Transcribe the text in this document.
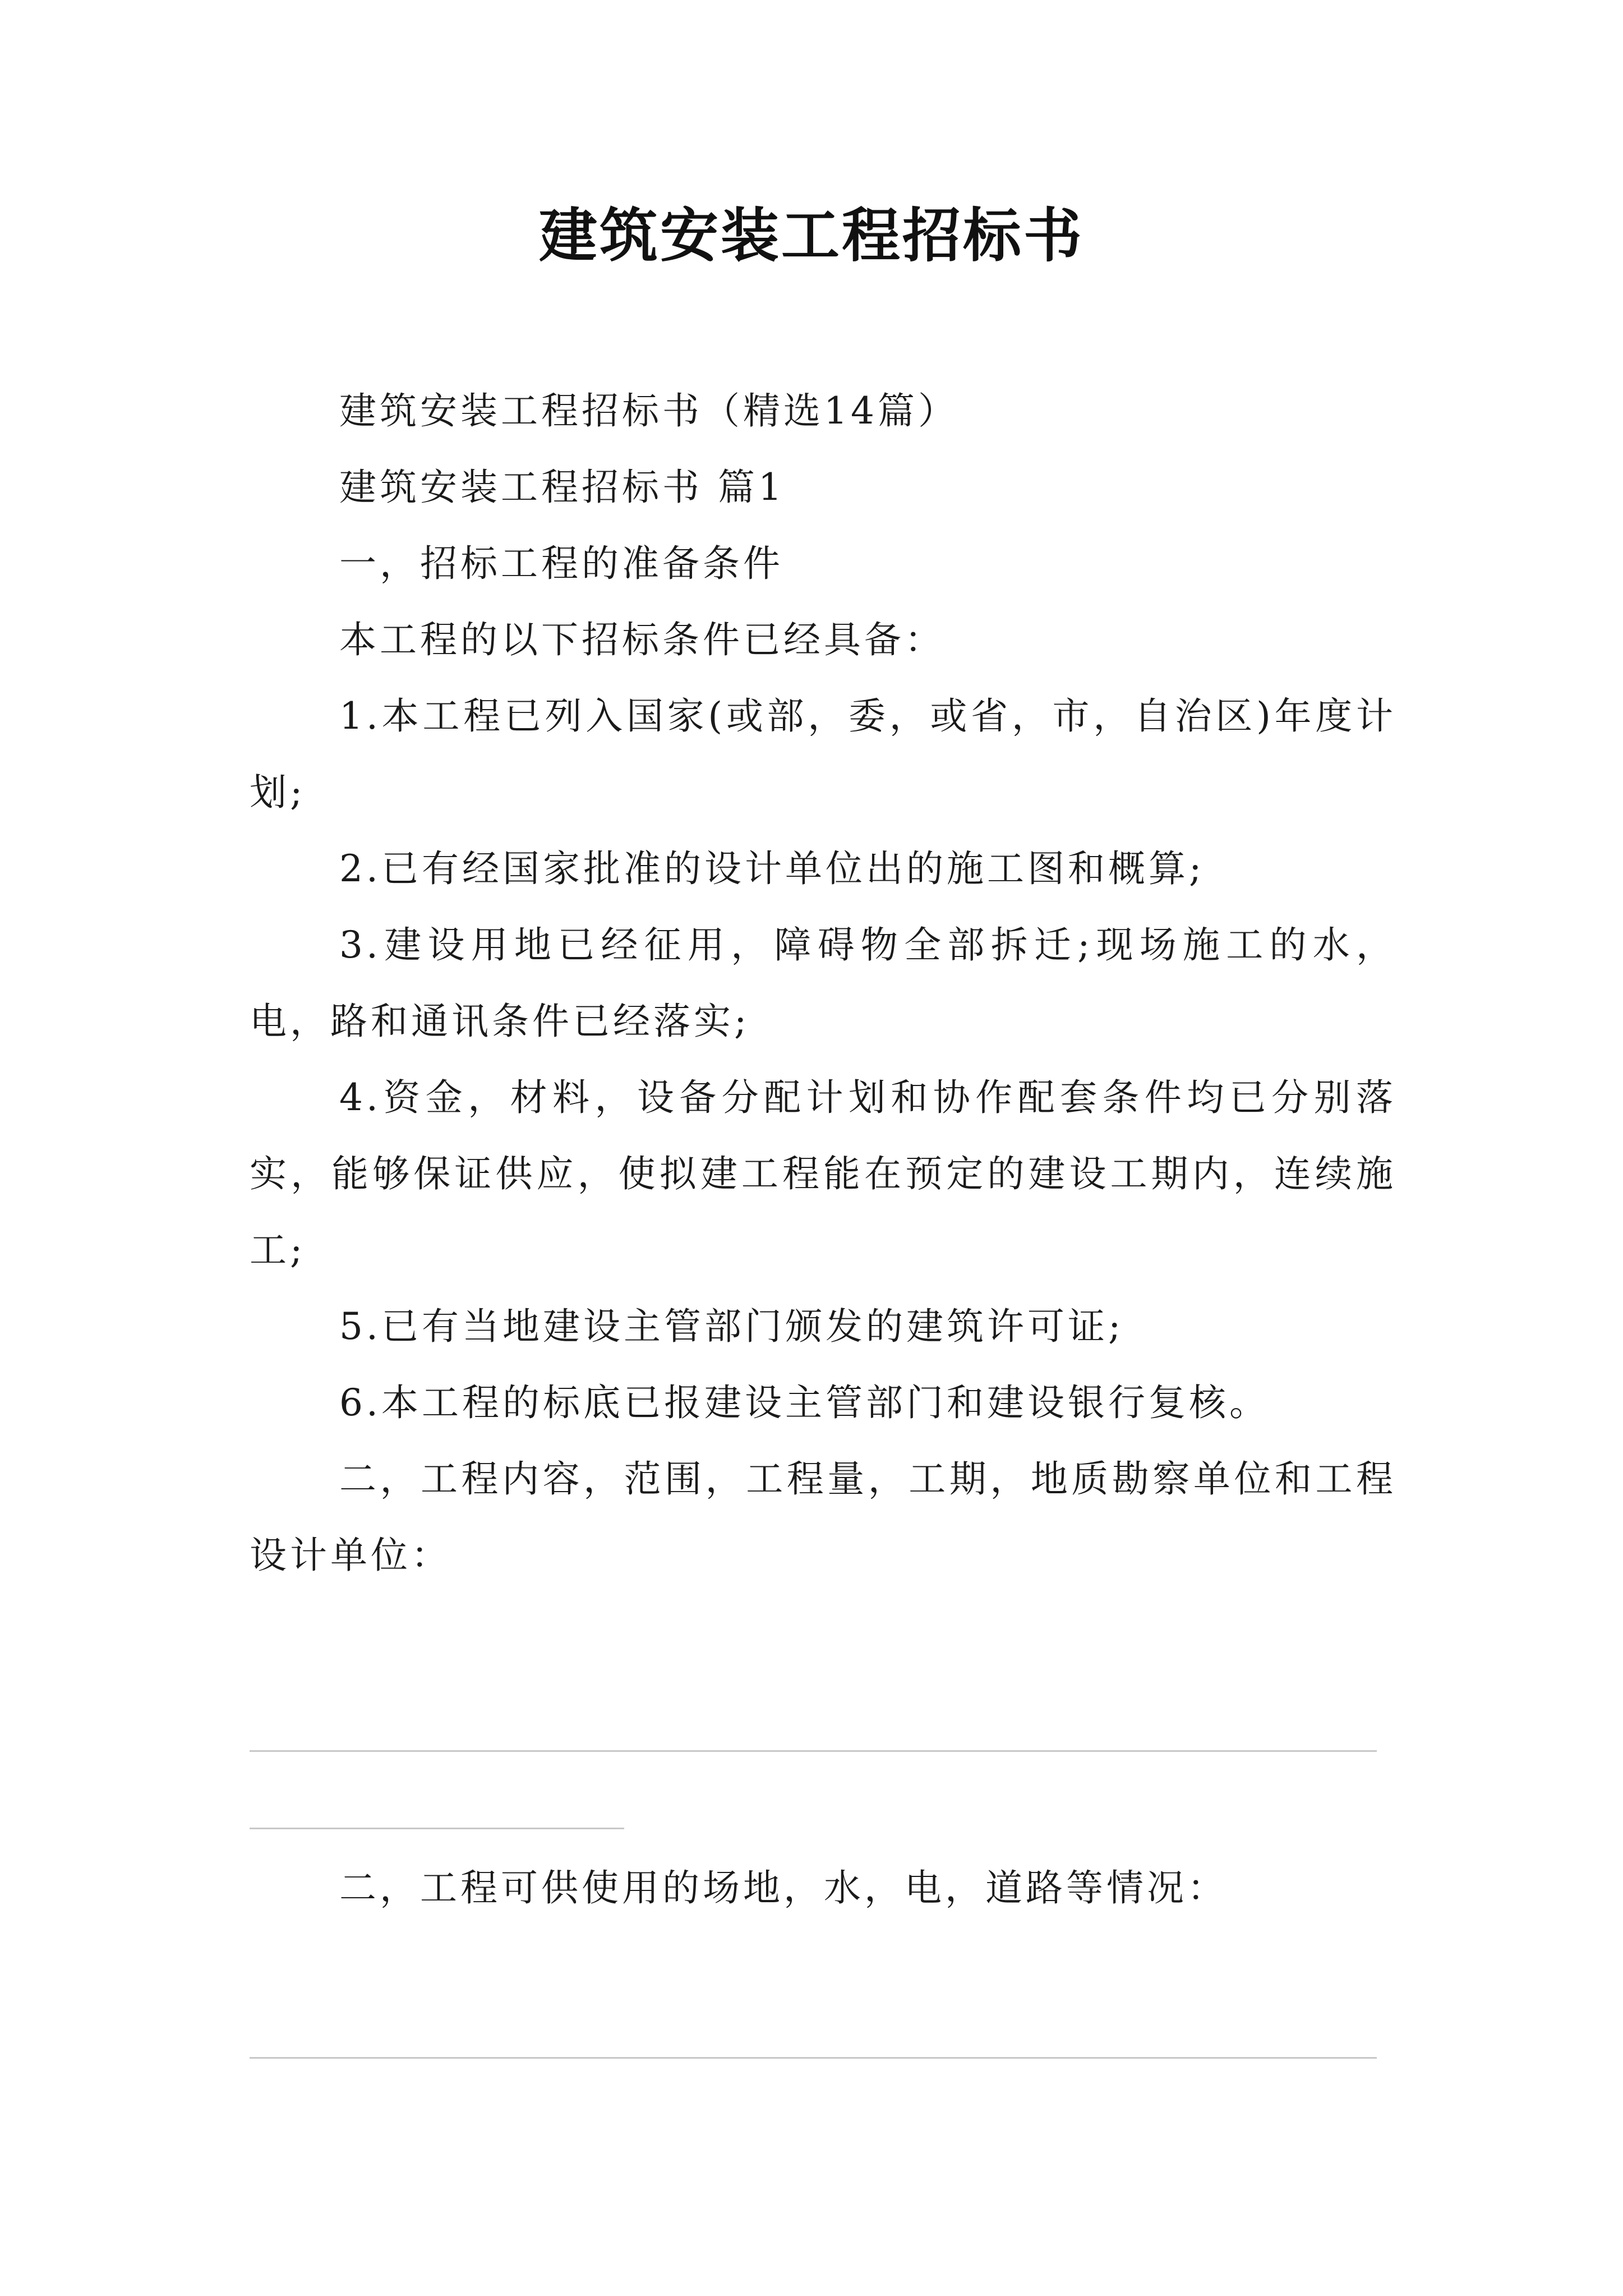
建筑安装工程招标书

建筑安装工程招标书（精选14篇）

建筑安装工程招标书 篇1

一，招标工程的准备条件

本工程的以下招标条件已经具备：

1.本工程已列入国家(或部，委，或省，市，自治区)年度计划;

2.已有经国家批准的设计单位出的施工图和概算;

3.建设用地已经征用，障碍物全部拆迁;现场施工的水，电，路和通讯条件已经落实;

4.资金，材料，设备分配计划和协作配套条件均已分别落实，能够保证供应，使拟建工程能在预定的建设工期内，连续施工;

5.已有当地建设主管部门颁发的建筑许可证;

6.本工程的标底已报建设主管部门和建设银行复核。

二，工程内容，范围，工程量，工期，地质勘察单位和工程设计单位：

二，工程可供使用的场地，水，电，道路等情况：
